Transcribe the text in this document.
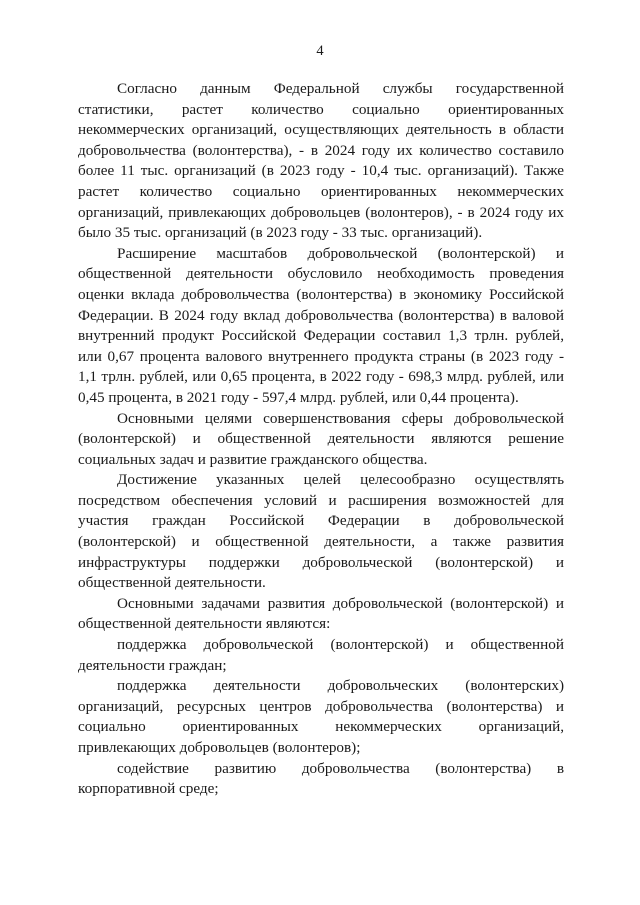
4

Согласно данным Федеральной службы государственной статистики, растет количество социально ориентированных некоммерческих организаций, осуществляющих деятельность в области добровольчества (волонтерства), - в 2024 году их количество составило более 11 тыс. организаций (в 2023 году - 10,4 тыс. организаций). Также растет количество социально ориентированных некоммерческих организаций, привлекающих добровольцев (волонтеров), - в 2024 году их было 35 тыс. организаций (в 2023 году - 33 тыс. организаций).

Расширение масштабов добровольческой (волонтерской) и общественной деятельности обусловило необходимость проведения оценки вклада добровольчества (волонтерства) в экономику Российской Федерации. В 2024 году вклад добровольчества (волонтерства) в валовой внутренний продукт Российской Федерации составил 1,3 трлн. рублей, или 0,67 процента валового внутреннего продукта страны (в 2023 году - 1,1 трлн. рублей, или 0,65 процента, в 2022 году - 698,3 млрд. рублей, или 0,45 процента, в 2021 году - 597,4 млрд. рублей, или 0,44 процента).

Основными целями совершенствования сферы добровольческой (волонтерской) и общественной деятельности являются решение социальных задач и развитие гражданского общества.

Достижение указанных целей целесообразно осуществлять посредством обеспечения условий и расширения возможностей для участия граждан Российской Федерации в добровольческой (волонтерской) и общественной деятельности, а также развития инфраструктуры поддержки добровольческой (волонтерской) и общественной деятельности.

Основными задачами развития добровольческой (волонтерской) и общественной деятельности являются:

поддержка добровольческой (волонтерской) и общественной деятельности граждан;

поддержка деятельности добровольческих (волонтерских) организаций, ресурсных центров добровольчества (волонтерства) и социально ориентированных некоммерческих организаций, привлекающих добровольцев (волонтеров);

содействие развитию добровольчества (волонтерства) в корпоративной среде;
